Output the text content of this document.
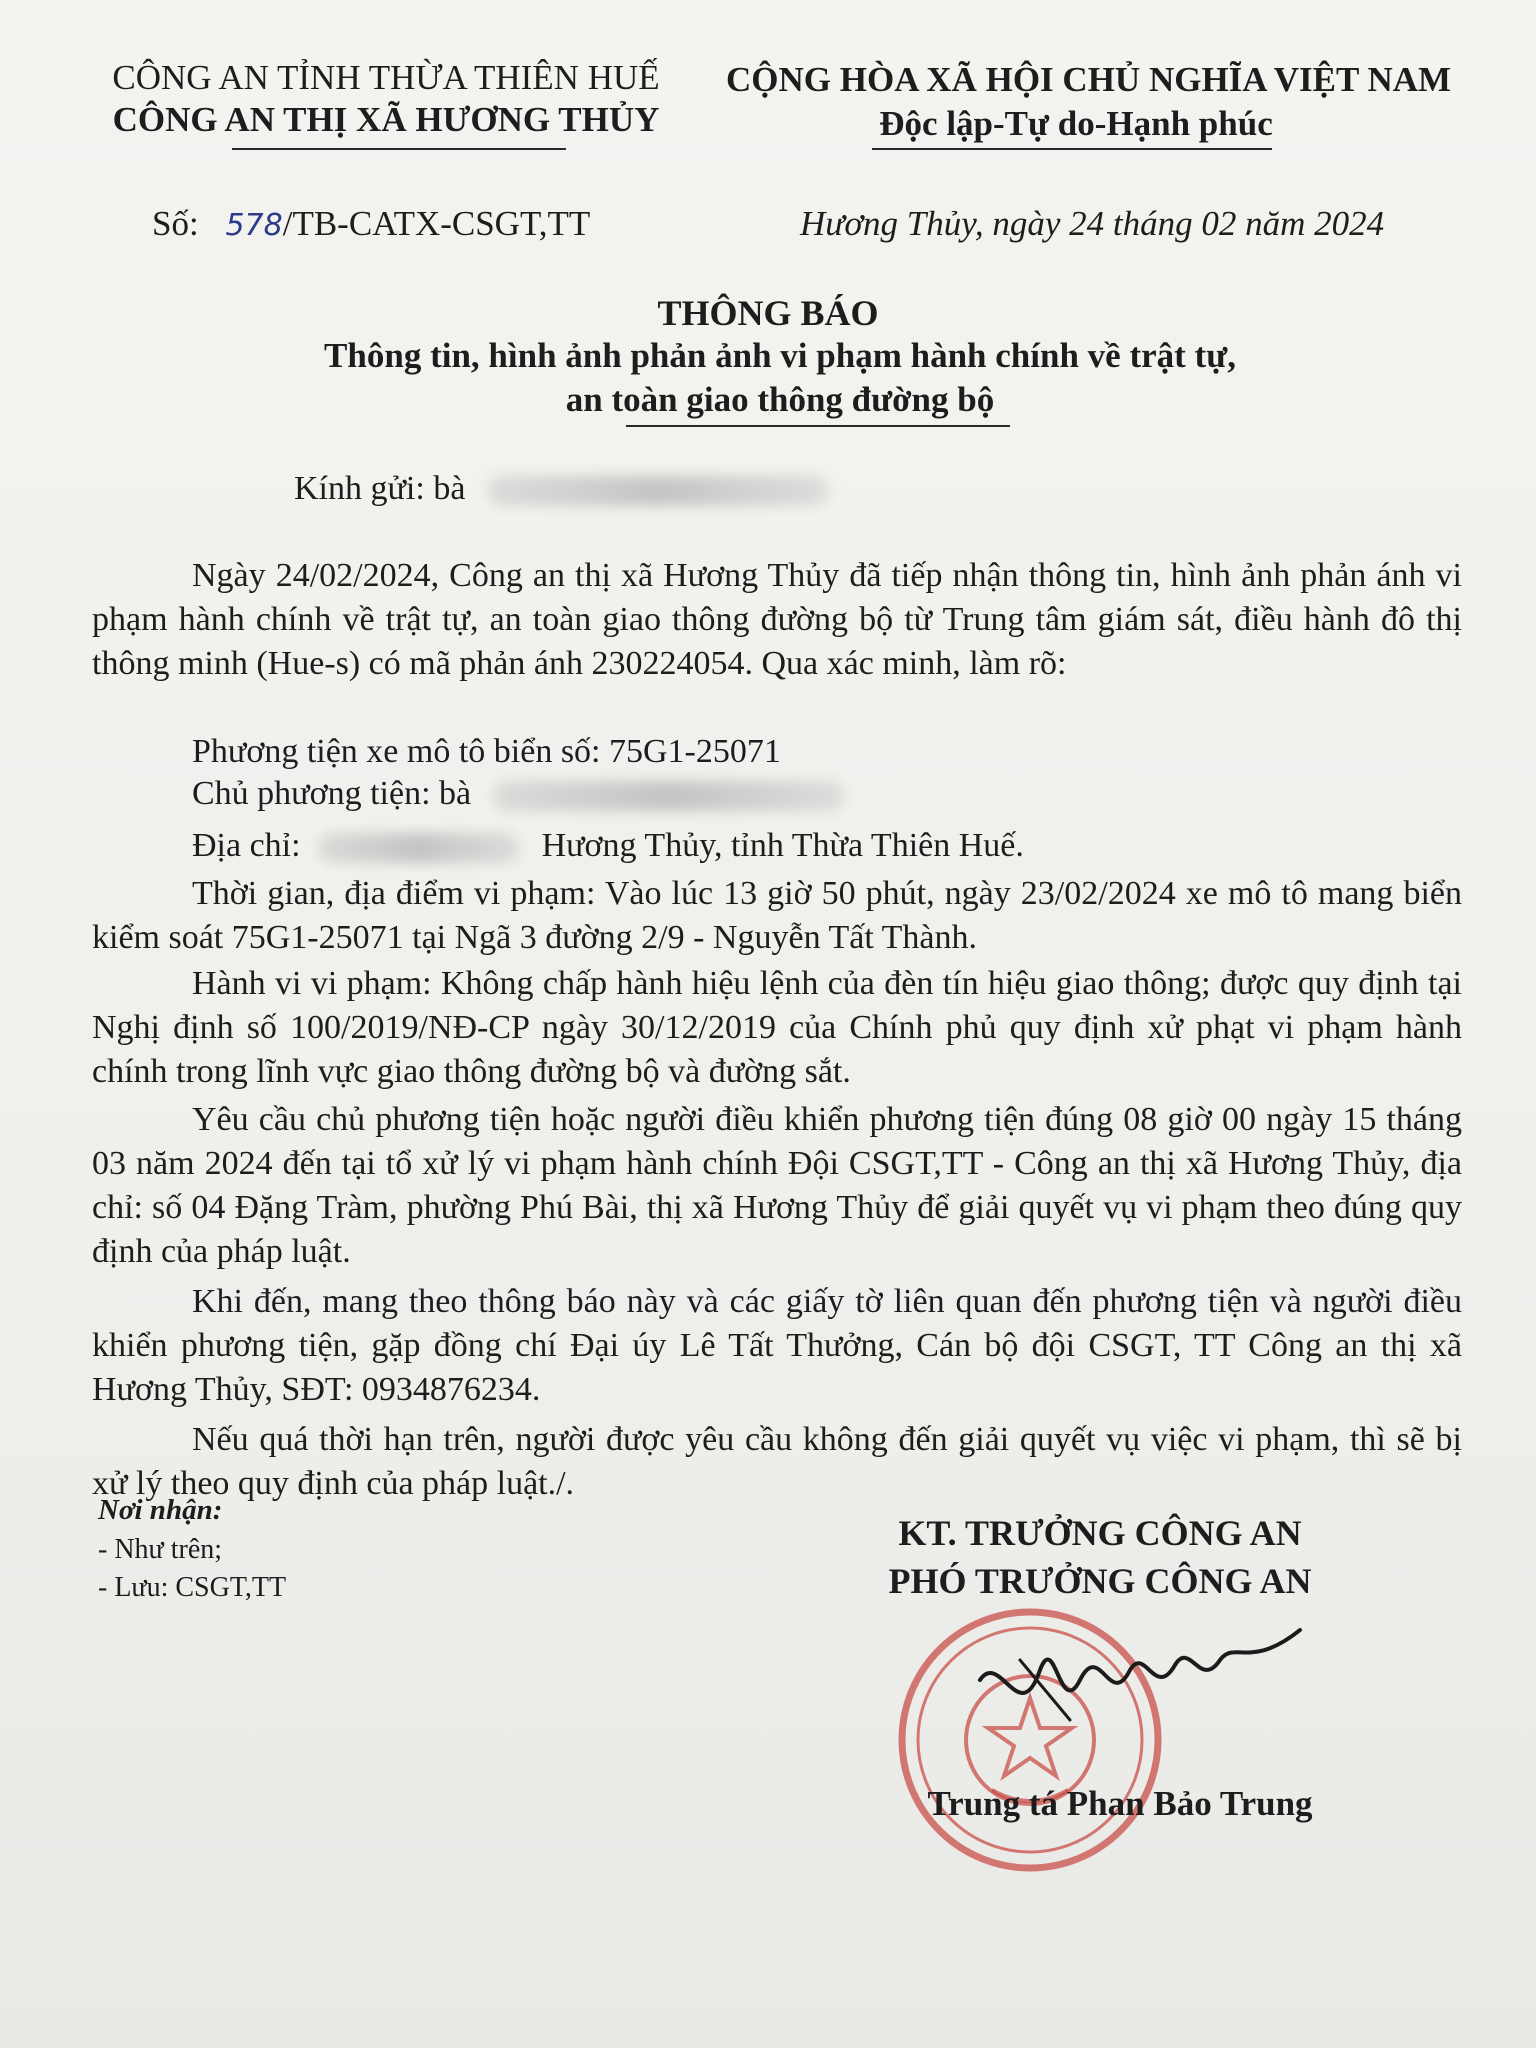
CÔNG AN TỈNH THỪA THIÊN HUẾ
CÔNG AN THỊ XÃ HƯƠNG THỦY
CỘNG HÒA XÃ HỘI CHỦ NGHĨA VIỆT NAM
Độc lập-Tự do-Hạnh phúc
Số: 578/TB-CATX-CSGT,TT	Hương Thủy, ngày 24 tháng 02 năm 2024
THÔNG BÁO
Thông tin, hình ảnh phản ảnh vi phạm hành chính về trật tự,
an toàn giao thông đường bộ
Kính gửi: bà
Ngày 24/02/2024, Công an thị xã Hương Thủy đã tiếp nhận thông tin, hình ảnh phản ánh vi phạm hành chính về trật tự, an toàn giao thông đường bộ từ Trung tâm giám sát, điều hành đô thị thông minh (Hue-s) có mã phản ánh 230224054. Qua xác minh, làm rõ:
Phương tiện xe mô tô biển số: 75G1-25071
Chủ phương tiện: bà
Địa chỉ:	Hương Thủy, tỉnh Thừa Thiên Huế.
Thời gian, địa điểm vi phạm: Vào lúc 13 giờ 50 phút, ngày 23/02/2024 xe mô tô mang biển kiểm soát 75G1-25071 tại Ngã 3 đường 2/9 - Nguyễn Tất Thành.
Hành vi vi phạm: Không chấp hành hiệu lệnh của đèn tín hiệu giao thông; được quy định tại Nghị định số 100/2019/NĐ-CP ngày 30/12/2019 của Chính phủ quy định xử phạt vi phạm hành chính trong lĩnh vực giao thông đường bộ và đường sắt.
Yêu cầu chủ phương tiện hoặc người điều khiển phương tiện đúng 08 giờ 00 ngày 15 tháng 03 năm 2024 đến tại tổ xử lý vi phạm hành chính Đội CSGT,TT - Công an thị xã Hương Thủy, địa chỉ: số 04 Đặng Tràm, phường Phú Bài, thị xã Hương Thủy để giải quyết vụ vi phạm theo đúng quy định của pháp luật.
Khi đến, mang theo thông báo này và các giấy tờ liên quan đến phương tiện và người điều khiển phương tiện, gặp đồng chí Đại úy Lê Tất Thưởng, Cán bộ đội CSGT, TT Công an thị xã Hương Thủy, SĐT: 0934876234.
Nếu quá thời hạn trên, người được yêu cầu không đến giải quyết vụ việc vi phạm, thì sẽ bị xử lý theo quy định của pháp luật./.
Nơi nhận:
- Như trên;
- Lưu: CSGT,TT
KT. TRƯỞNG CÔNG AN
PHÓ TRƯỞNG CÔNG AN
Trung tá Phan Bảo Trung
